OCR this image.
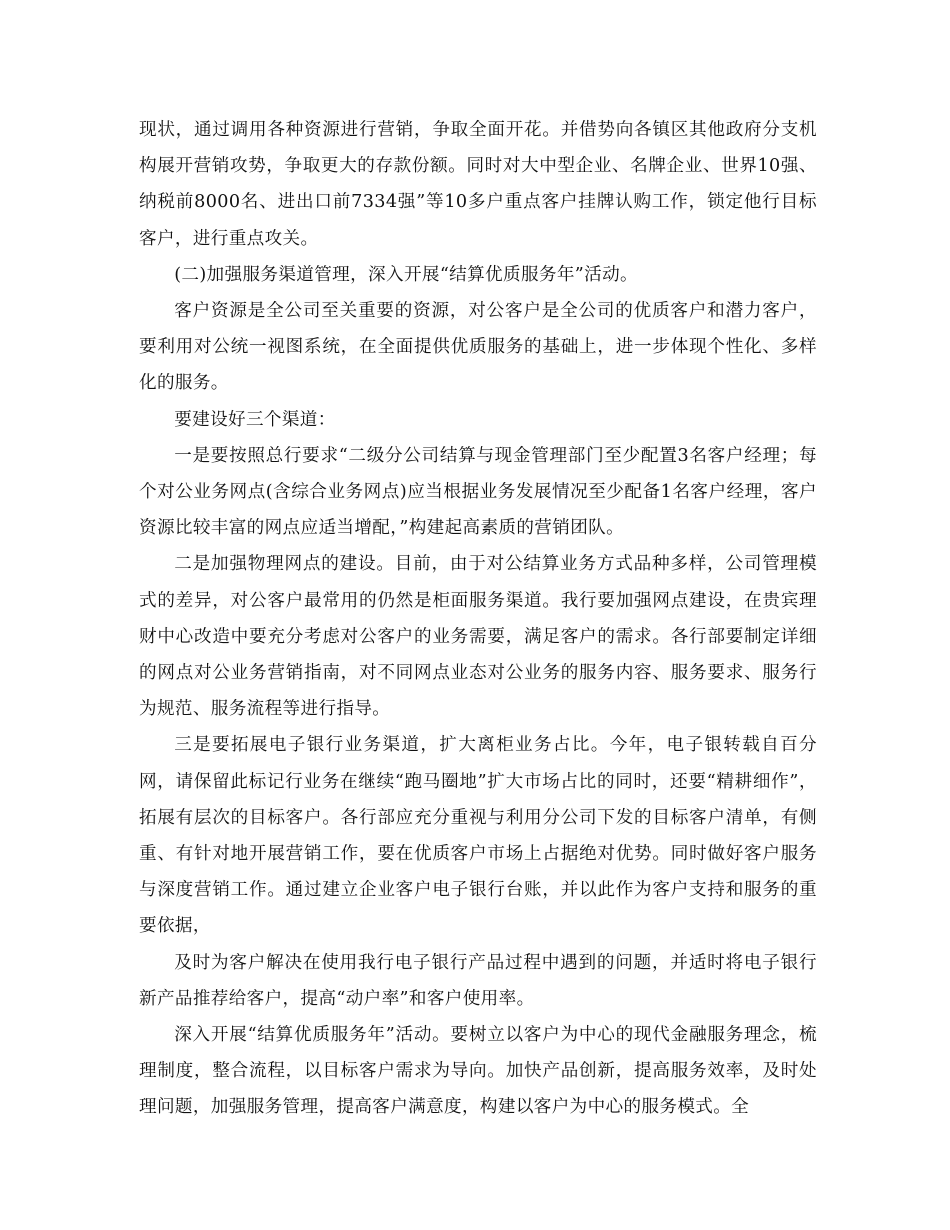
现状，通过调用各种资源进行营销，争取全面开花。并借势向各镇区其他政府分支机构展开营销攻势，争取更大的存款份额。同时对大中型企业、名牌企业、世界10强、纳税前8000名、进出口前7334强”等10多户重点客户挂牌认购工作，锁定他行目标客户，进行重点攻关。

(二)加强服务渠道管理，深入开展“结算优质服务年”活动。

客户资源是全公司至关重要的资源，对公客户是全公司的优质客户和潜力客户，要利用对公统一视图系统，在全面提供优质服务的基础上，进一步体现个性化、多样化的服务。

要建设好三个渠道：

一是要按照总行要求“二级分公司结算与现金管理部门至少配置3名客户经理；每个对公业务网点(含综合业务网点)应当根据业务发展情况至少配备1名客户经理，客户资源比较丰富的网点应适当增配，”构建起高素质的营销团队。

二是加强物理网点的建设。目前，由于对公结算业务方式品种多样，公司管理模式的差异，对公客户最常用的仍然是柜面服务渠道。我行要加强网点建设，在贵宾理财中心改造中要充分考虑对公客户的业务需要，满足客户的需求。各行部要制定详细的网点对公业务营销指南，对不同网点业态对公业务的服务内容、服务要求、服务行为规范、服务流程等进行指导。

三是要拓展电子银行业务渠道，扩大离柜业务占比。今年，电子银转载自百分网，请保留此标记行业务在继续“跑马圈地”扩大市场占比的同时，还要“精耕细作”，拓展有层次的目标客户。各行部应充分重视与利用分公司下发的目标客户清单，有侧重、有针对地开展营销工作，要在优质客户市场上占据绝对优势。同时做好客户服务与深度营销工作。通过建立企业客户电子银行台账，并以此作为客户支持和服务的重要依据，

及时为客户解决在使用我行电子银行产品过程中遇到的问题，并适时将电子银行新产品推荐给客户，提高“动户率”和客户使用率。

深入开展“结算优质服务年”活动。要树立以客户为中心的现代金融服务理念，梳理制度，整合流程，以目标客户需求为导向。加快产品创新，提高服务效率，及时处理问题，加强服务管理，提高客户满意度，构建以客户为中心的服务模式。全
